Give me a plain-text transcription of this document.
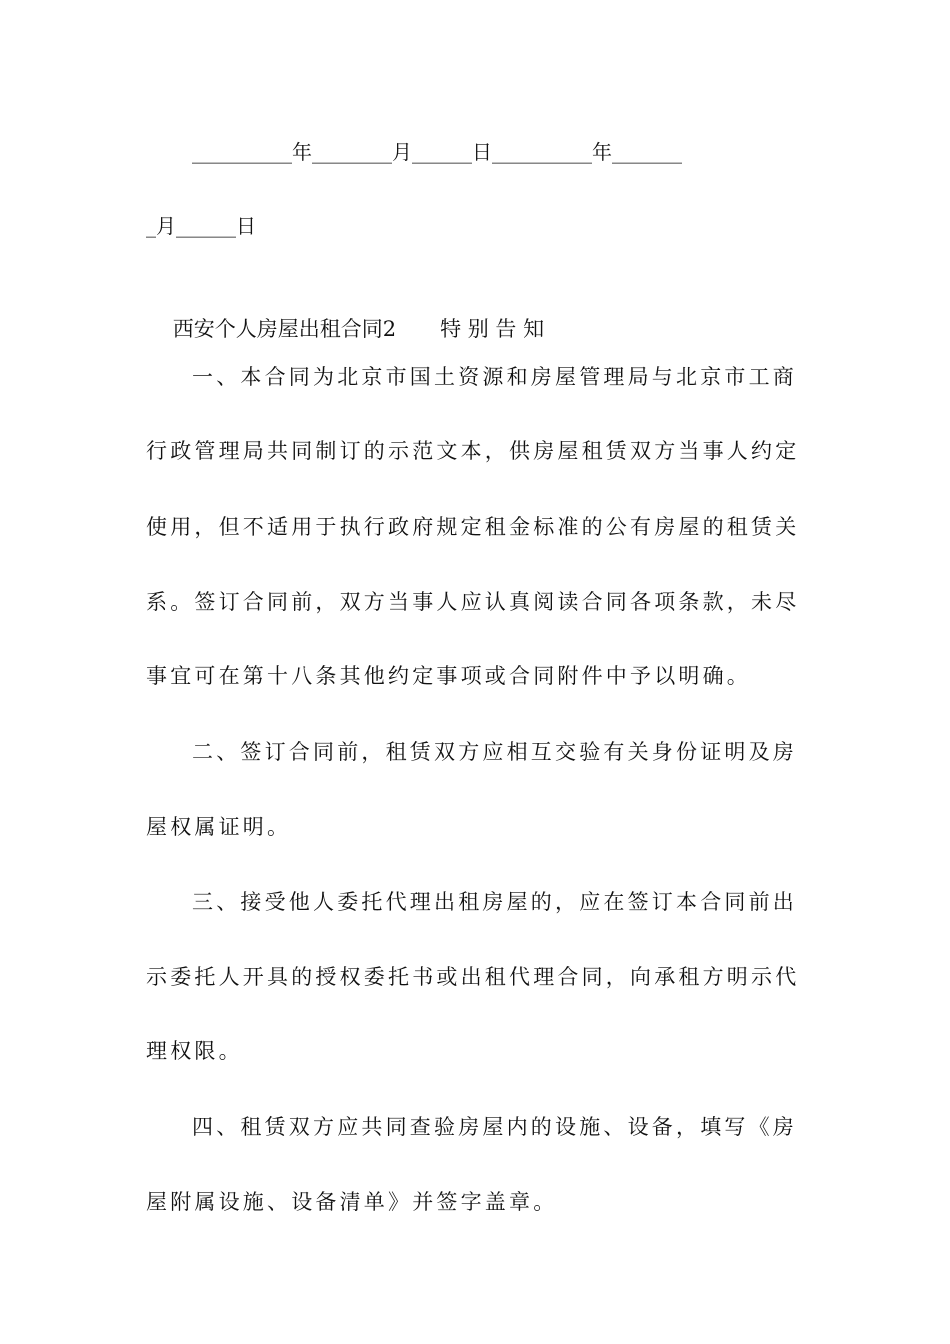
__________年________月______日__________年_______
_月______日

西安个人房屋出租合同2 特 别 告 知

一、本合同为北京市国土资源和房屋管理局与北京市工商
行政管理局共同制订的示范文本，供房屋租赁双方当事人约定
使用，但不适用于执行政府规定租金标准的公有房屋的租赁关
系。签订合同前，双方当事人应认真阅读合同各项条款，未尽
事宜可在第十八条其他约定事项或合同附件中予以明确。
二、签订合同前，租赁双方应相互交验有关身份证明及房
屋权属证明。
三、接受他人委托代理出租房屋的，应在签订本合同前出
示委托人开具的授权委托书或出租代理合同，向承租方明示代
理权限。
四、租赁双方应共同查验房屋内的设施、设备，填写《房
屋附属设施、设备清单》并签字盖章。
